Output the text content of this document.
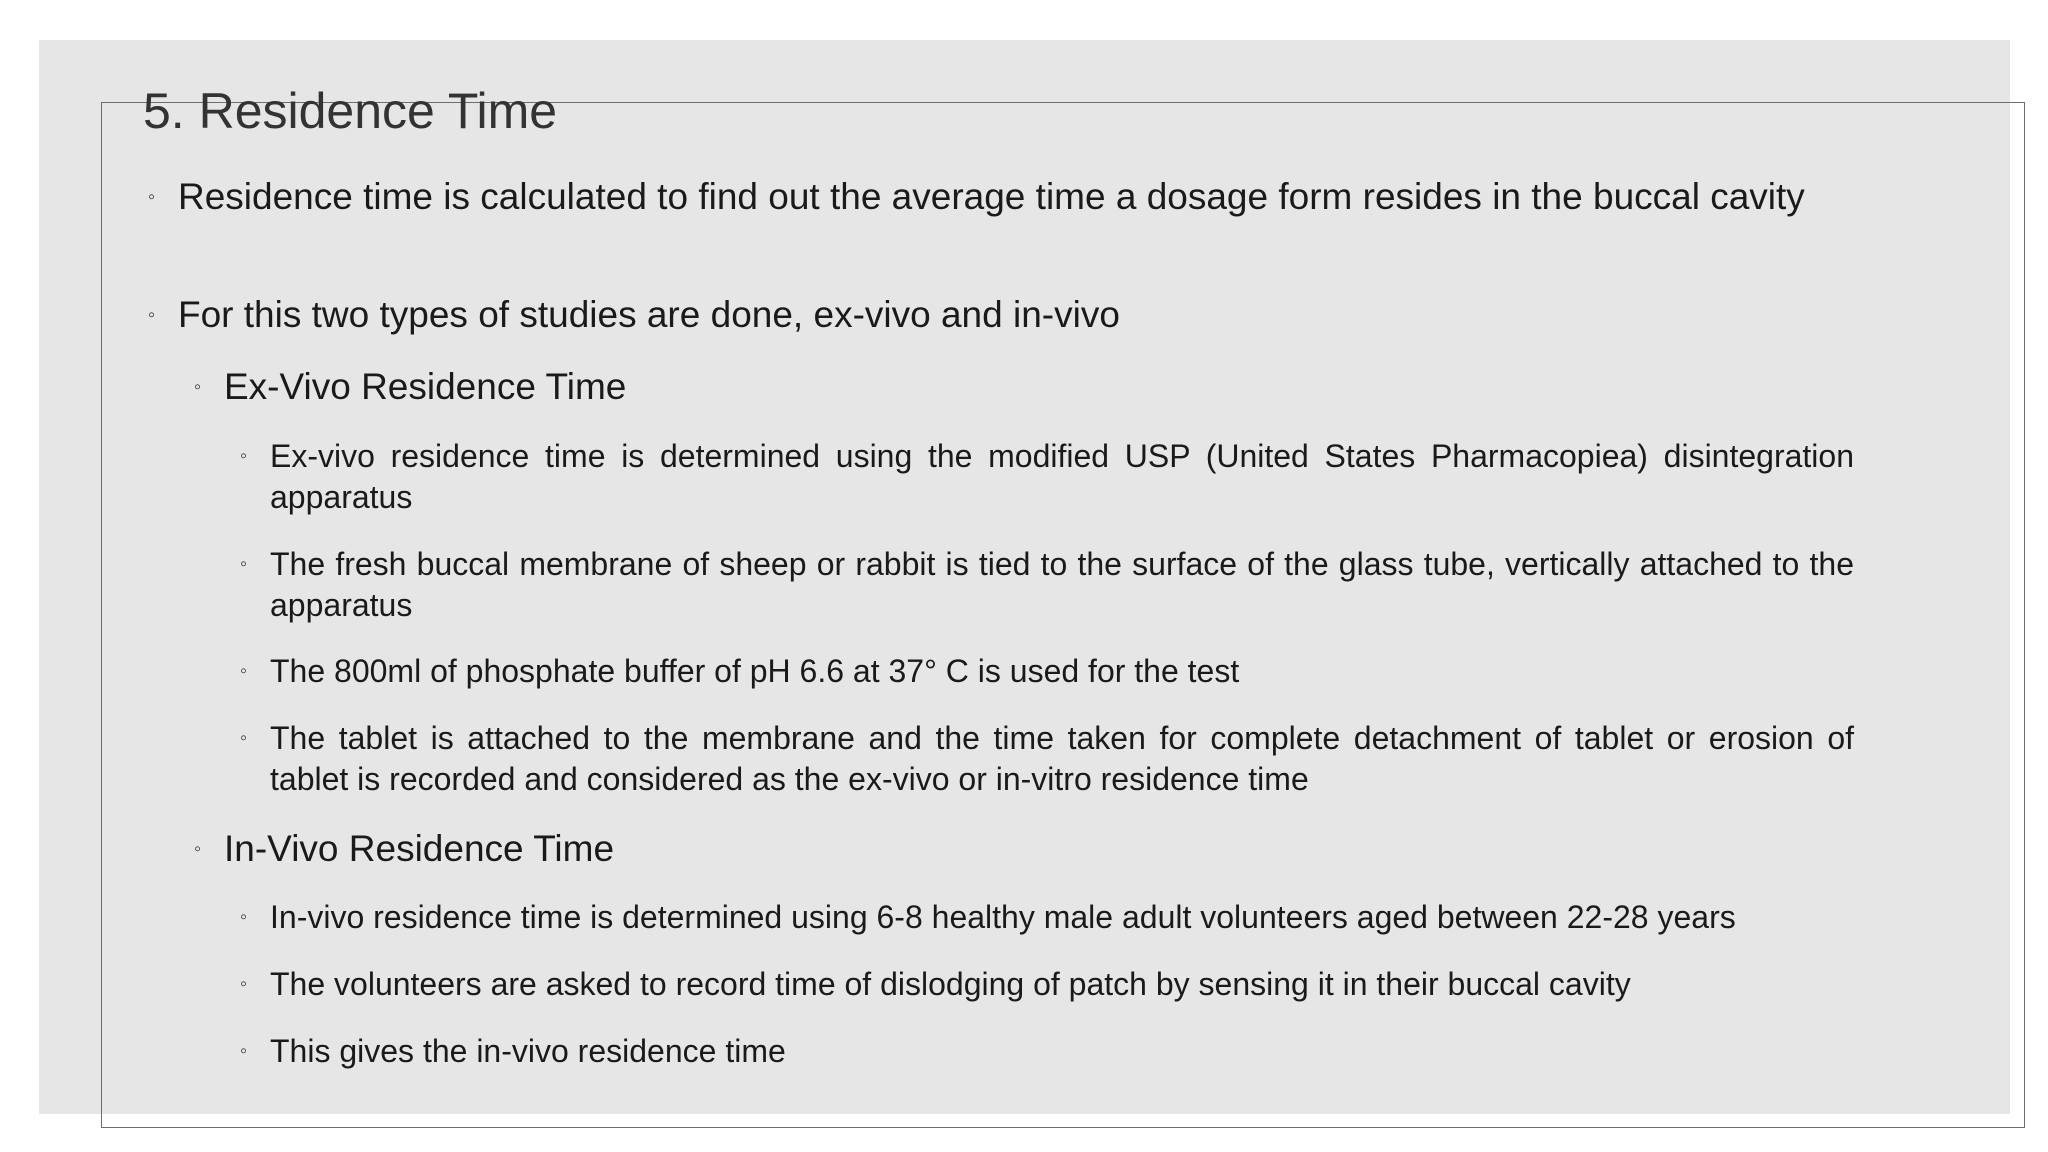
5. Residence Time
◦ Residence time is calculated to find out the average time a dosage form resides in the buccal cavity
◦ For this two types of studies are done, ex-vivo and in-vivo
◦ Ex-Vivo Residence Time
◦ Ex-vivo residence time is determined using the modified USP (United States Pharmacopiea) disintegration apparatus
◦ The fresh buccal membrane of sheep or rabbit is tied to the surface of the glass tube, vertically attached to the apparatus
◦ The 800ml of phosphate buffer of pH 6.6 at 37° C is used for the test
◦ The tablet is attached to the membrane and the time taken for complete detachment of tablet or erosion of tablet is recorded and considered as the ex-vivo or in-vitro residence time
◦ In-Vivo Residence Time
◦ In-vivo residence time is determined using 6-8 healthy male adult volunteers aged between 22-28 years
◦ The volunteers are asked to record time of dislodging of patch by sensing it in their buccal cavity
◦ This gives the in-vivo residence time
